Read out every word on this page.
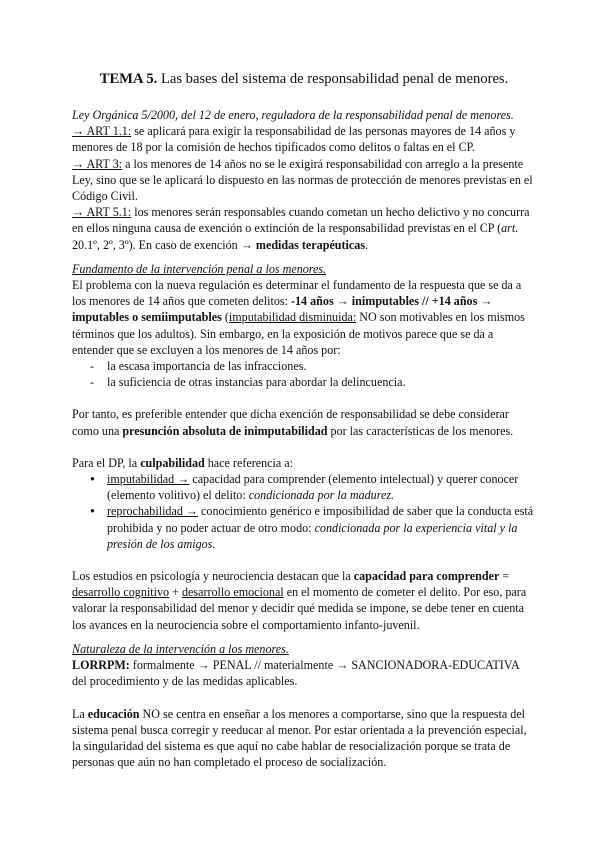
TEMA 5. Las bases del sistema de responsabilidad penal de menores.

Ley Orgánica 5/2000, del 12 de enero, reguladora de la responsabilidad penal de menores.

→ ART 1.1: se aplicará para exigir la responsabilidad de las personas mayores de 14 años y menores de 18 por la comisión de hechos tipificados como delitos o faltas en el CP.

→ ART 3: a los menores de 14 años no se le exigirá responsabilidad con arreglo a la presente Ley, sino que se le aplicará lo dispuesto en las normas de protección de menores previstas en el Código Civil.

→ ART 5.1: los menores serán responsables cuando cometan un hecho delictivo y no concurra en ellos ninguna causa de exención o extinción de la responsabilidad previstas en el CP (art. 20.1º, 2º, 3º). En caso de exención → medidas terapéuticas.

Fundamento de la intervención penal a los menores.

El problema con la nueva regulación es determinar el fundamento de la respuesta que se da a los menores de 14 años que cometen delitos: -14 años → inimputables // +14 años → imputables o semiimputables (imputabilidad disminuida: NO son motivables en los mismos términos que los adultos). Sin embargo, en la exposición de motivos parece que se da a entender que se excluyen a los menores de 14 años por:

- la escasa importancia de las infracciones.
- la suficiencia de otras instancias para abordar la delincuencia.

Por tanto, es preferible entender que dicha exención de responsabilidad se debe considerar como una presunción absoluta de inimputabilidad por las características de los menores.

Para el DP, la culpabilidad hace referencia a:

● imputabilidad → capacidad para comprender (elemento intelectual) y querer conocer (elemento volitivo) el delito: condicionada por la madurez.
● reprochabilidad → conocimiento genérico e imposibilidad de saber que la conducta está prohibida y no poder actuar de otro modo: condicionada por la experiencia vital y la presión de los amigos.

Los estudios en psicología y neurociencia destacan que la capacidad para comprender = desarrollo cognitivo + desarrollo emocional en el momento de cometer el delito. Por eso, para valorar la responsabilidad del menor y decidir qué medida se impone, se debe tener en cuenta los avances en la neurociencia sobre el comportamiento infanto-juvenil.

Naturaleza de la intervención a los menores.

LORRPM: formalmente → PENAL // materialmente → SANCIONADORA-EDUCATIVA del procedimiento y de las medidas aplicables.

La educación NO se centra en enseñar a los menores a comportarse, sino que la respuesta del sistema penal busca corregir y reeducar al menor. Por estar orientada a la prevención especial, la singularidad del sistema es que aquí no cabe hablar de resocialización porque se trata de personas que aún no han completado el proceso de socialización.
